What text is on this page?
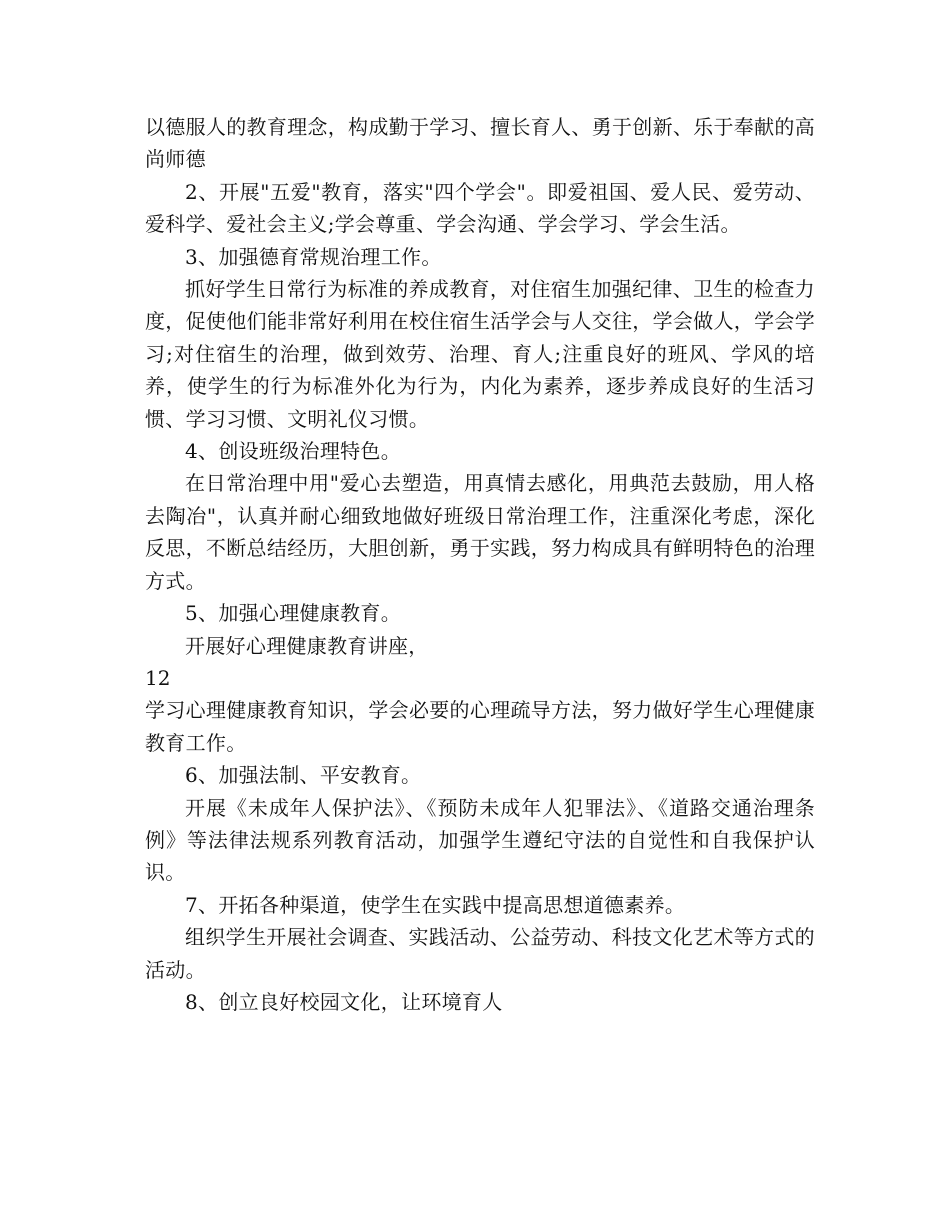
以德服人的教育理念，构成勤于学习、擅长育人、勇于创新、乐于奉献的高尚师德

2、开展"五爱"教育，落实"四个学会"。即爱祖国、爱人民、爱劳动、爱科学、爱社会主义;学会尊重、学会沟通、学会学习、学会生活。

3、加强德育常规治理工作。

抓好学生日常行为标准的养成教育，对住宿生加强纪律、卫生的检查力度，促使他们能非常好利用在校住宿生活学会与人交往，学会做人，学会学习;对住宿生的治理，做到效劳、治理、育人;注重良好的班风、学风的培养，使学生的行为标准外化为行为，内化为素养，逐步养成良好的生活习惯、学习习惯、文明礼仪习惯。

4、创设班级治理特色。

在日常治理中用"爱心去塑造，用真情去感化，用典范去鼓励，用人格去陶冶"，认真并耐心细致地做好班级日常治理工作，注重深化考虑，深化反思，不断总结经历，大胆创新，勇于实践，努力构成具有鲜明特色的治理方式。

5、加强心理健康教育。

开展好心理健康教育讲座，

12

学习心理健康教育知识，学会必要的心理疏导方法，努力做好学生心理健康教育工作。

6、加强法制、平安教育。

开展《未成年人保护法》、《预防未成年人犯罪法》、《道路交通治理条例》等法律法规系列教育活动，加强学生遵纪守法的自觉性和自我保护认识。

7、开拓各种渠道，使学生在实践中提高思想道德素养。

组织学生开展社会调查、实践活动、公益劳动、科技文化艺术等方式的活动。

8、创立良好校园文化，让环境育人
